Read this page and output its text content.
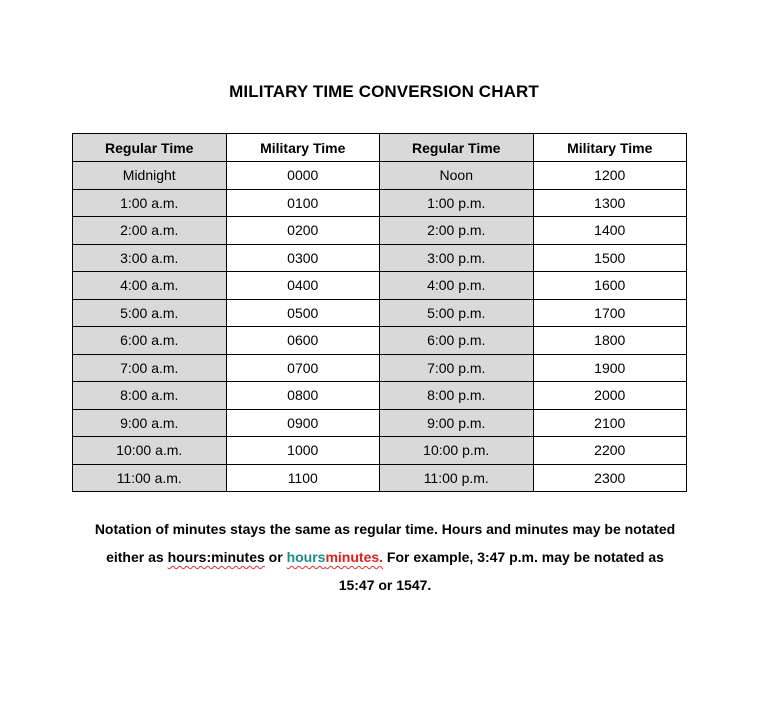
MILITARY TIME CONVERSION CHART
Regular Time	Military Time	Regular Time	Military Time
Midnight	0000	Noon	1200
1:00 a.m.	0100	1:00 p.m.	1300
2:00 a.m.	0200	2:00 p.m.	1400
3:00 a.m.	0300	3:00 p.m.	1500
4:00 a.m.	0400	4:00 p.m.	1600
5:00 a.m.	0500	5:00 p.m.	1700
6:00 a.m.	0600	6:00 p.m.	1800
7:00 a.m.	0700	7:00 p.m.	1900
8:00 a.m.	0800	8:00 p.m.	2000
9:00 a.m.	0900	9:00 p.m.	2100
10:00 a.m.	1000	10:00 p.m.	2200
11:00 a.m.	1100	11:00 p.m.	2300
Notation of minutes stays the same as regular time. Hours and minutes may be notated
either as hours:minutes or hoursminutes. For example, 3:47 p.m. may be notated as
15:47 or 1547.
